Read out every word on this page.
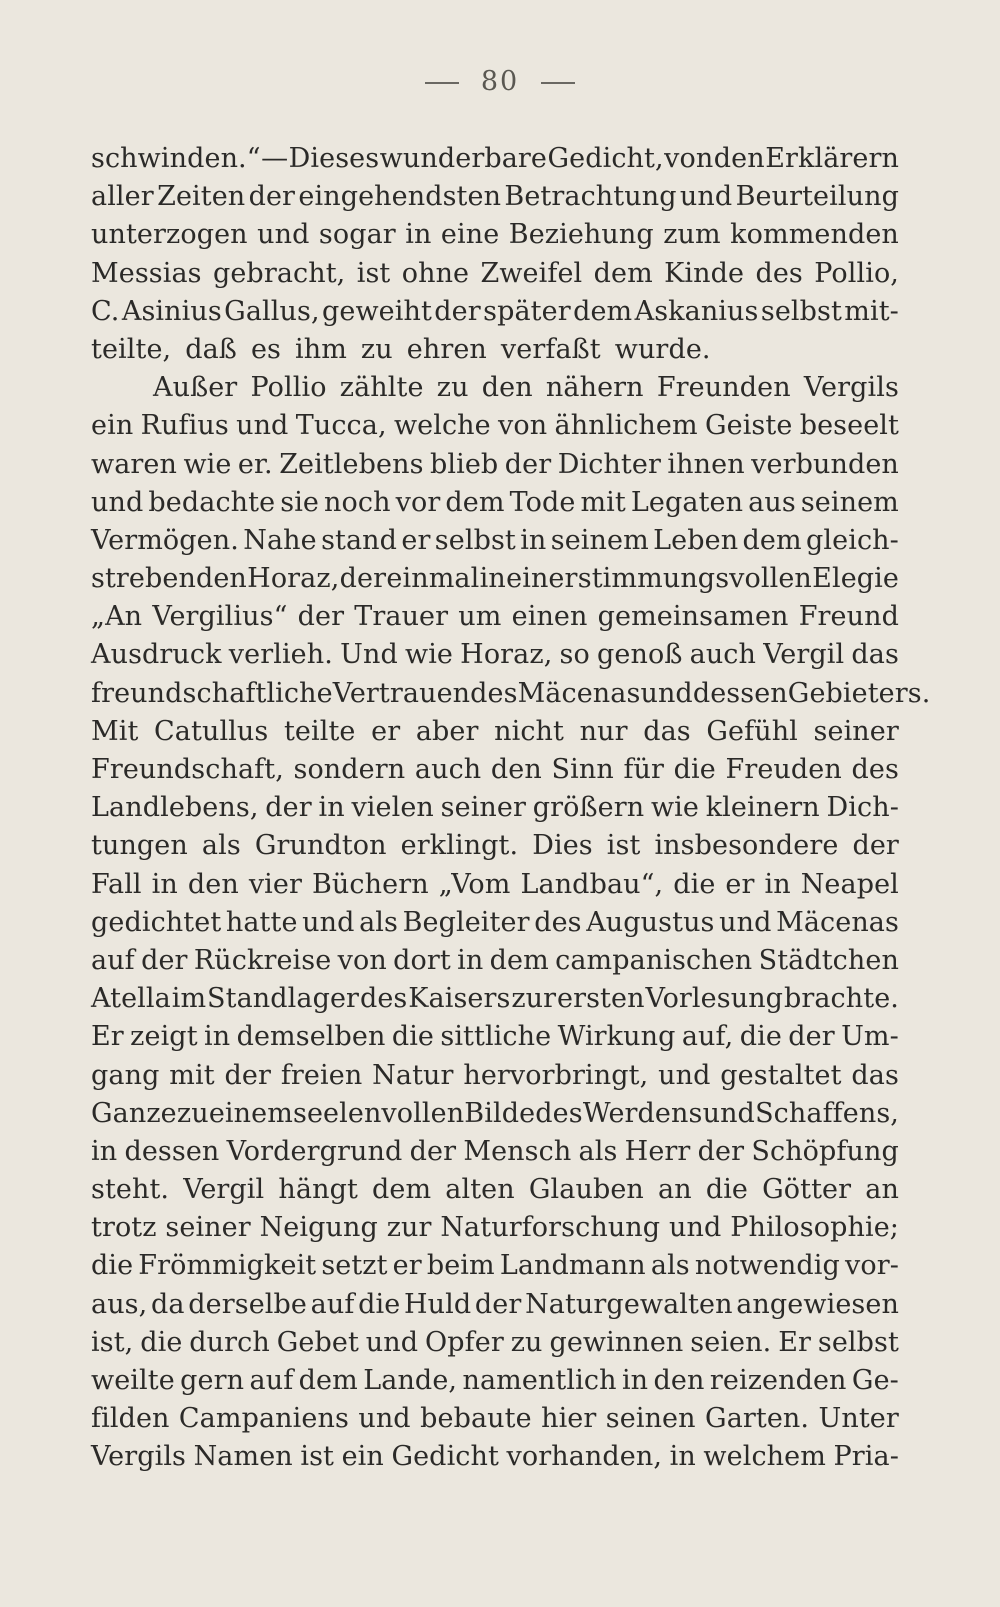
80
schwinden.“ — Dieses wunderbare Gedicht, von den Erklärern
aller Zeiten der eingehendsten Betrachtung und Beurteilung
unterzogen und sogar in eine Beziehung zum kommenden
Messias gebracht, ist ohne Zweifel dem Kinde des Pollio,
C. Asinius Gallus, geweiht der später dem Askanius selbst mit-
teilte, daß es ihm zu ehren verfaßt wurde.
Außer Pollio zählte zu den nähern Freunden Vergils
ein Rufius und Tucca, welche von ähnlichem Geiste beseelt
waren wie er. Zeitlebens blieb der Dichter ihnen verbunden
und bedachte sie noch vor dem Tode mit Legaten aus seinem
Vermögen. Nahe stand er selbst in seinem Leben dem gleich-
strebenden Horaz, der einmal in einer stimmungsvollen Elegie
„An Vergilius“ der Trauer um einen gemeinsamen Freund
Ausdruck verlieh. Und wie Horaz, so genoß auch Vergil das
freundschaftliche Vertrauen des Mäcenas und dessen Gebieters.
Mit Catullus teilte er aber nicht nur das Gefühl seiner
Freundschaft, sondern auch den Sinn für die Freuden des
Landlebens, der in vielen seiner größern wie kleinern Dich-
tungen als Grundton erklingt. Dies ist insbesondere der
Fall in den vier Büchern „Vom Landbau“, die er in Neapel
gedichtet hatte und als Begleiter des Augustus und Mäcenas
auf der Rückreise von dort in dem campanischen Städtchen
Atella im Standlager des Kaisers zur ersten Vorlesung brachte.
Er zeigt in demselben die sittliche Wirkung auf, die der Um-
gang mit der freien Natur hervorbringt, und gestaltet das
Ganze zu einem seelenvollen Bilde des Werdens und Schaffens,
in dessen Vordergrund der Mensch als Herr der Schöpfung
steht. Vergil hängt dem alten Glauben an die Götter an
trotz seiner Neigung zur Naturforschung und Philosophie;
die Frömmigkeit setzt er beim Landmann als notwendig vor-
aus, da derselbe auf die Huld der Naturgewalten angewiesen
ist, die durch Gebet und Opfer zu gewinnen seien. Er selbst
weilte gern auf dem Lande, namentlich in den reizenden Ge-
filden Campaniens und bebaute hier seinen Garten. Unter
Vergils Namen ist ein Gedicht vorhanden, in welchem Pria-
